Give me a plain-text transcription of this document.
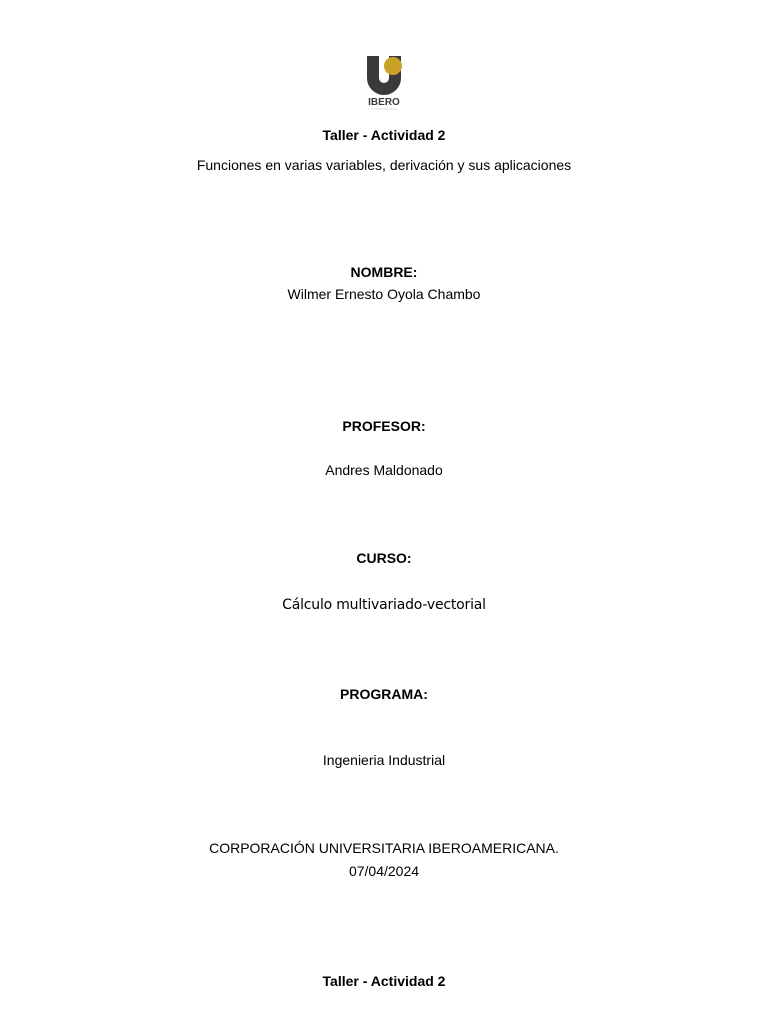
IBERO
Taller - Actividad 2
Funciones en varias variables, derivación y sus aplicaciones
NOMBRE:
Wilmer Ernesto Oyola Chambo
PROFESOR:
Andres Maldonado
CURSO:
Cálculo multivariado-vectorial
PROGRAMA:
Ingenieria Industrial
CORPORACIÓN UNIVERSITARIA IBEROAMERICANA.
07/04/2024
Taller - Actividad 2
